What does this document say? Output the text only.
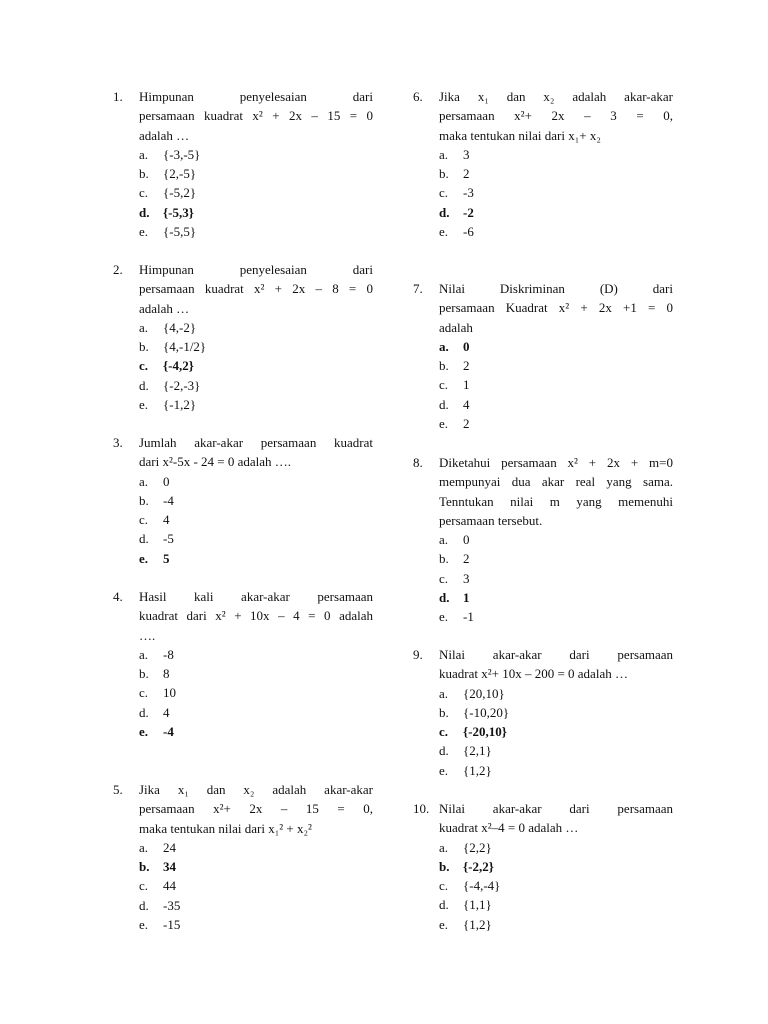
1.	Himpunan penyelesaian dari
persamaan kuadrat x² + 2x – 15 = 0
adalah …
a.	{-3,-5}
b.	{2,-5}
c.	{-5,2}
d.	{-5,3}
e.	{-5,5}
2.	Himpunan penyelesaian dari
persamaan kuadrat x² + 2x – 8 = 0
adalah …
a.	{4,-2}
b.	{4,-1/2}
c.	{-4,2}
d.	{-2,-3}
e.	{-1,2}
3.	Jumlah akar-akar persamaan kuadrat
dari x²-5x - 24 = 0 adalah ….
a.	0
b.	-4
c.	4
d.	-5
e.	5
4.	Hasil kali akar-akar persamaan
kuadrat dari x² + 10x – 4 = 0 adalah
….
a.	-8
b.	8
c.	10
d.	4
e.	-4
5.	Jika x₁ dan x₂ adalah akar-akar
persamaan x²+ 2x – 15 = 0,
maka tentukan nilai dari x₁² + x₂²
a.	24
b.	34
c.	44
d.	-35
e.	-15
6.	Jika x₁ dan x₂ adalah akar-akar
persamaan x²+ 2x – 3 = 0,
maka tentukan nilai dari x₁+ x₂
a.	3
b.	2
c.	-3
d.	-2
e.	-6
7.	Nilai Diskriminan (D) dari
persamaan Kuadrat x² + 2x +1 = 0
adalah
a.	0
b.	2
c.	1
d.	4
e.	2
8.	Diketahui persamaan x² + 2x + m=0
mempunyai dua akar real yang sama.
Tenntukan nilai m yang memenuhi
persamaan tersebut.
a.	0
b.	2
c.	3
d.	1
e.	-1
9.	Nilai akar-akar dari persamaan
kuadrat x²+ 10x – 200 = 0 adalah …
a.	{20,10}
b.	{-10,20}
c.	{-20,10}
d.	{2,1}
e.	{1,2}
10. Nilai akar-akar dari persamaan
kuadrat x²–4 = 0 adalah …
a.	{2,2}
b.	{-2,2}
c.	{-4,-4}
d.	{1,1}
e.	{1,2}
